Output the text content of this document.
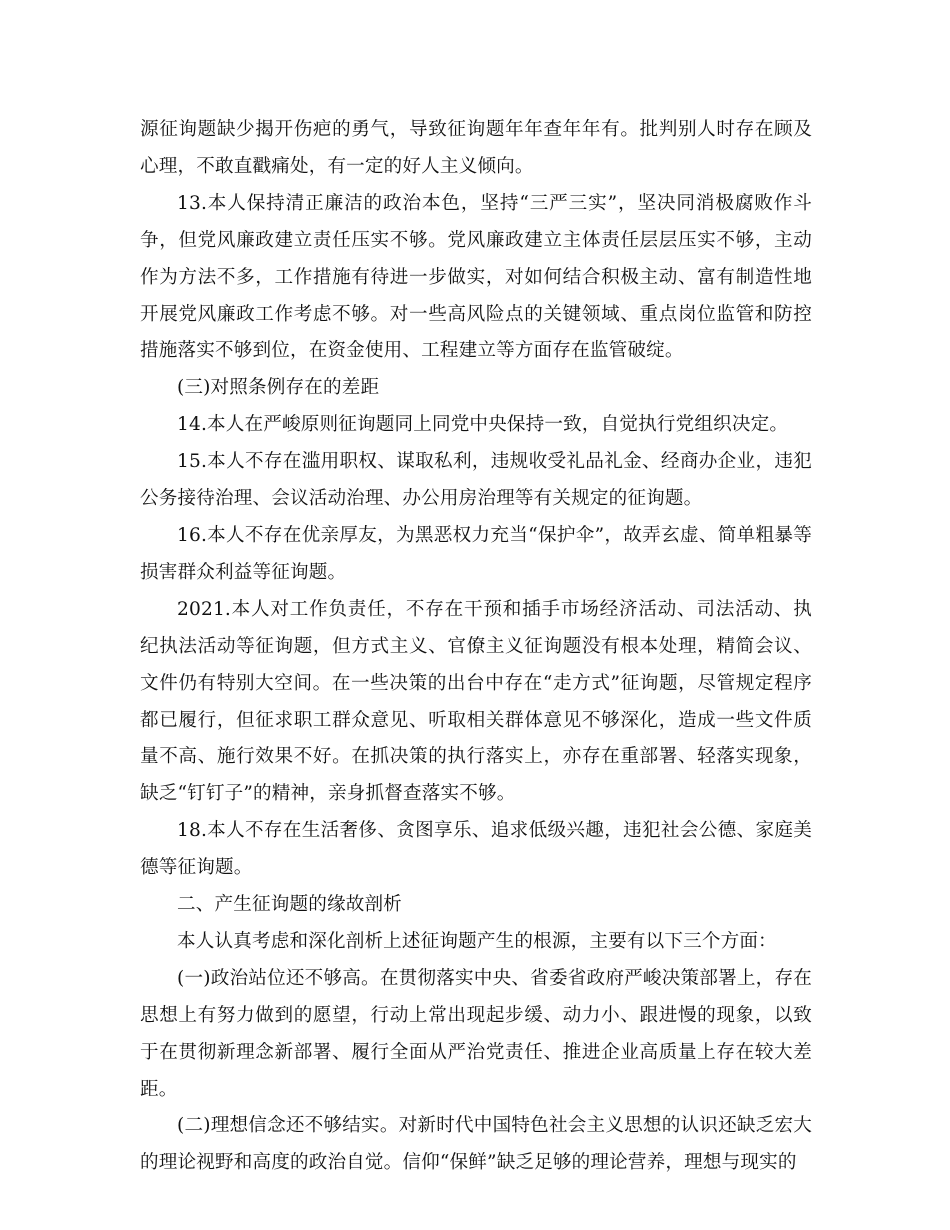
源征询题缺少揭开伤疤的勇气，导致征询题年年查年年有。批判别人时存在顾及心理，不敢直戳痛处，有一定的好人主义倾向。

13.本人保持清正廉洁的政治本色，坚持“三严三实”，坚决同消极腐败作斗争，但党风廉政建立责任压实不够。党风廉政建立主体责任层层压实不够，主动作为方法不多，工作措施有待进一步做实，对如何结合积极主动、富有制造性地开展党风廉政工作考虑不够。对一些高风险点的关键领域、重点岗位监管和防控措施落实不够到位，在资金使用、工程建立等方面存在监管破绽。

(三)对照条例存在的差距

14.本人在严峻原则征询题同上同党中央保持一致，自觉执行党组织决定。

15.本人不存在滥用职权、谋取私利，违规收受礼品礼金、经商办企业，违犯公务接待治理、会议活动治理、办公用房治理等有关规定的征询题。

16.本人不存在优亲厚友，为黑恶权力充当“保护伞”，故弄玄虚、简单粗暴等损害群众利益等征询题。

2021.本人对工作负责任，不存在干预和插手市场经济活动、司法活动、执纪执法活动等征询题，但方式主义、官僚主义征询题没有根本处理，精简会议、文件仍有特别大空间。在一些决策的出台中存在“走方式”征询题，尽管规定程序都已履行，但征求职工群众意见、听取相关群体意见不够深化，造成一些文件质量不高、施行效果不好。在抓决策的执行落实上，亦存在重部署、轻落实现象，缺乏“钉钉子”的精神，亲身抓督查落实不够。

18.本人不存在生活奢侈、贪图享乐、追求低级兴趣，违犯社会公德、家庭美德等征询题。

二、产生征询题的缘故剖析

本人认真考虑和深化剖析上述征询题产生的根源，主要有以下三个方面：

(一)政治站位还不够高。在贯彻落实中央、省委省政府严峻决策部署上，存在思想上有努力做到的愿望，行动上常出现起步缓、动力小、跟进慢的现象，以致于在贯彻新理念新部署、履行全面从严治党责任、推进企业高质量上存在较大差距。

(二)理想信念还不够结实。对新时代中国特色社会主义思想的认识还缺乏宏大的理论视野和高度的政治自觉。信仰“保鲜”缺乏足够的理论营养，理想与现实的
